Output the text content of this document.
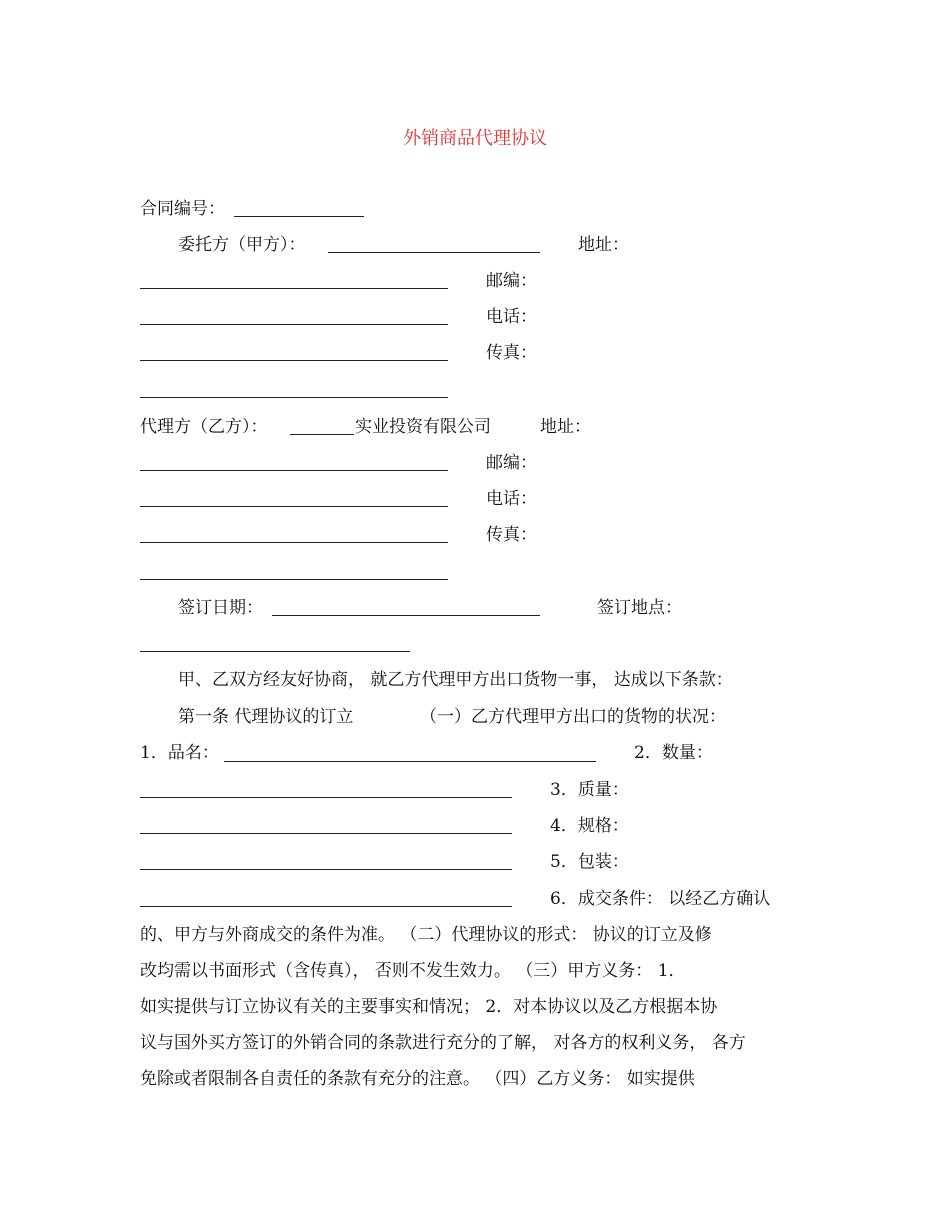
外销商品代理协议
合同编号：
委托方（甲方）：	地址：
邮编：
电话：
传真：
代理方（乙方）：	实业投资有限公司	地址：
邮编：
电话：
传真：
签订日期：	签订地点：
甲、乙双方经友好协商， 就乙方代理甲方出口货物一事， 达成以下条款：
第一条 代理协议的订立	（一）乙方代理甲方出口的货物的状况：
1．品名：	2．数量：
3．质量：
4．规格：
5．包装：
6．成交条件： 以经乙方确认
的、甲方与外商成交的条件为准。 （二）代理协议的形式： 协议的订立及修
改均需以书面形式（含传真）， 否则不发生效力。 （三）甲方义务： 1．
如实提供与订立协议有关的主要事实和情况； 2．对本协议以及乙方根据本协
议与国外买方签订的外销合同的条款进行充分的了解， 对各方的权利义务， 各方
免除或者限制各自责任的条款有充分的注意。 （四）乙方义务： 如实提供
